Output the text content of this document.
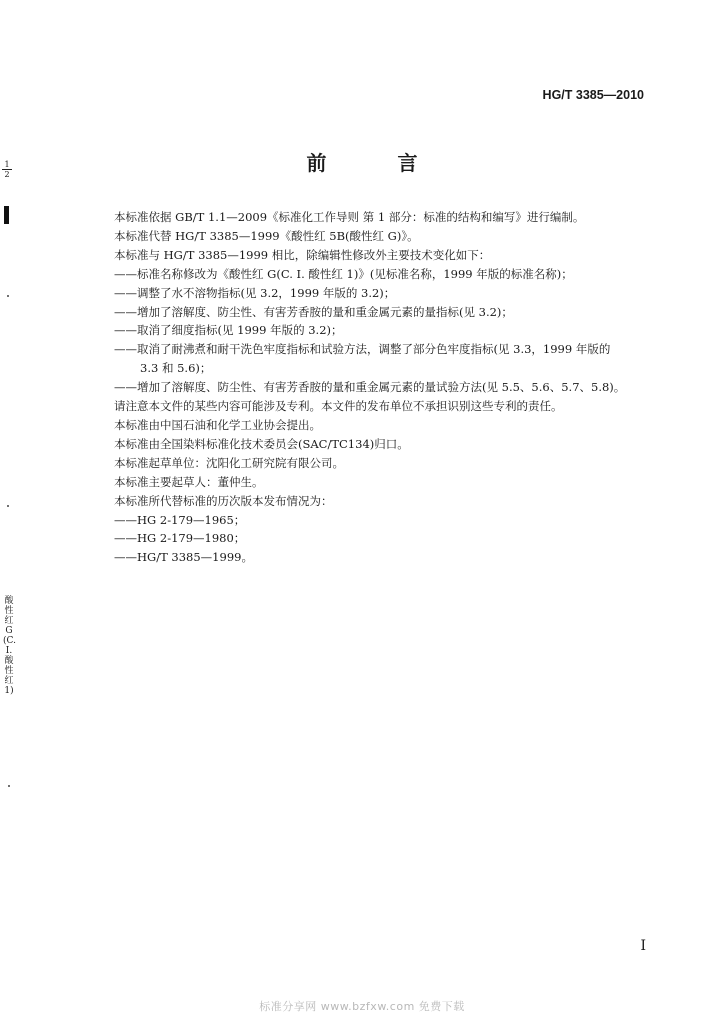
HG/T 3385—2010
前 言
本标准依据 GB/T 1.1—2009《标准化工作导则 第 1 部分：标准的结构和编写》进行编制。
本标准代替 HG/T 3385—1999《酸性红 5B(酸性红 G)》。
本标准与 HG/T 3385—1999 相比，除编辑性修改外主要技术变化如下：
——标准名称修改为《酸性红 G(C. I. 酸性红 1)》(见标准名称，1999 年版的标准名称)；
——调整了水不溶物指标(见 3.2，1999 年版的 3.2)；
——增加了溶解度、防尘性、有害芳香胺的量和重金属元素的量指标(见 3.2)；
——取消了细度指标(见 1999 年版的 3.2)；
——取消了耐沸煮和耐干洗色牢度指标和试验方法，调整了部分色牢度指标(见 3.3，1999 年版的
3.3 和 5.6)；
——增加了溶解度、防尘性、有害芳香胺的量和重金属元素的量试验方法(见 5.5、5.6、5.7、5.8)。
请注意本文件的某些内容可能涉及专利。本文件的发布单位不承担识别这些专利的责任。
本标准由中国石油和化学工业协会提出。
本标准由全国染料标准化技术委员会(SAC/TC134)归口。
本标准起草单位：沈阳化工研究院有限公司。
本标准主要起草人：董仲生。
本标准所代替标准的历次版本发布情况为：
——HG 2-179—1965；
——HG 2-179—1980；
——HG/T 3385—1999。
$\frac{1}{2}$
酸性红G(C.I.酸性红1)
I
标准分享网 www.bzfxw.com 免费下载
